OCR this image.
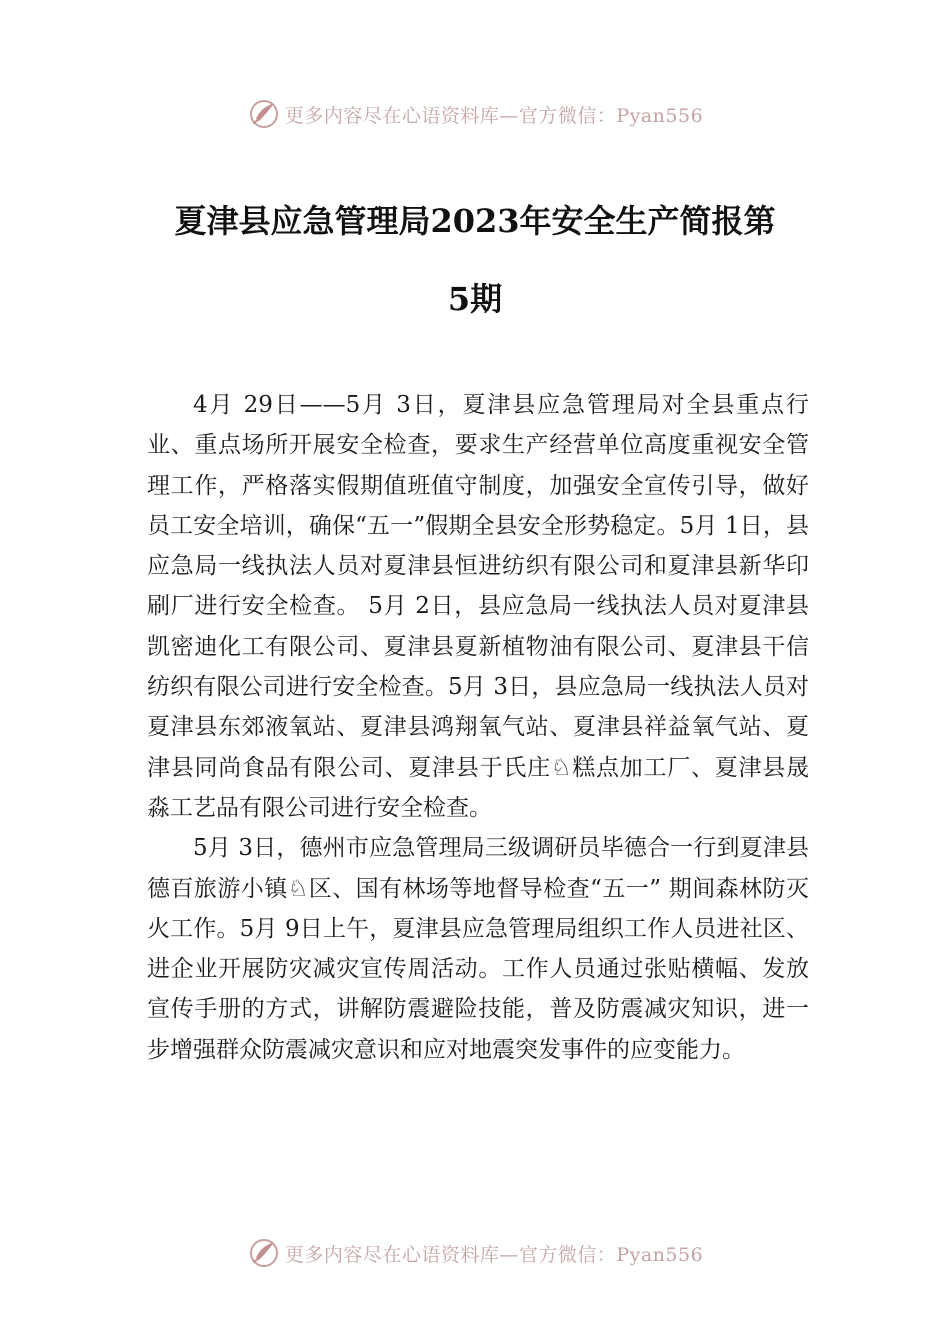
更多内容尽在心语资料库—官方微信：Pyan556
夏津县应急管理局2023年安全生产简报第
5期

4月 29日——5月 3日，夏津县应急管理局对全县重点行业、重点场所开展安全检查，要求生产经营单位高度重视安全管理工作，严格落实假期值班值守制度，加强安全宣传引导，做好员工安全培训，确保“五一”假期全县安全形势稳定。5月 1日，县应急局一线执法人员对夏津县恒进纺织有限公司和夏津县新华印刷厂进行安全检查。 5月 2日，县应急局一线执法人员对夏津县凯密迪化工有限公司、夏津县夏新植物油有限公司、夏津县干信纺织有限公司进行安全检查。5月 3日，县应急局一线执法人员对夏津县东郊液氧站、夏津县鸿翔氧气站、夏津县祥益氧气站、夏津县同尚食品有限公司、夏津县于氏庄♘糕点加工厂、夏津县晟淼工艺品有限公司进行安全检查。

5月 3日，德州市应急管理局三级调研员毕德合一行到夏津县德百旅游小镇♘区、国有林场等地督导检查“五一” 期间森林防灭火工作。5月 9日上午，夏津县应急管理局组织工作人员进社区、进企业开展防灾减灾宣传周活动。工作人员通过张贴横幅、发放宣传手册的方式，讲解防震避险技能，普及防震减灾知识，进一步增强群众防震减灾意识和应对地震突发事件的应变能力。

更多内容尽在心语资料库—官方微信：Pyan556
